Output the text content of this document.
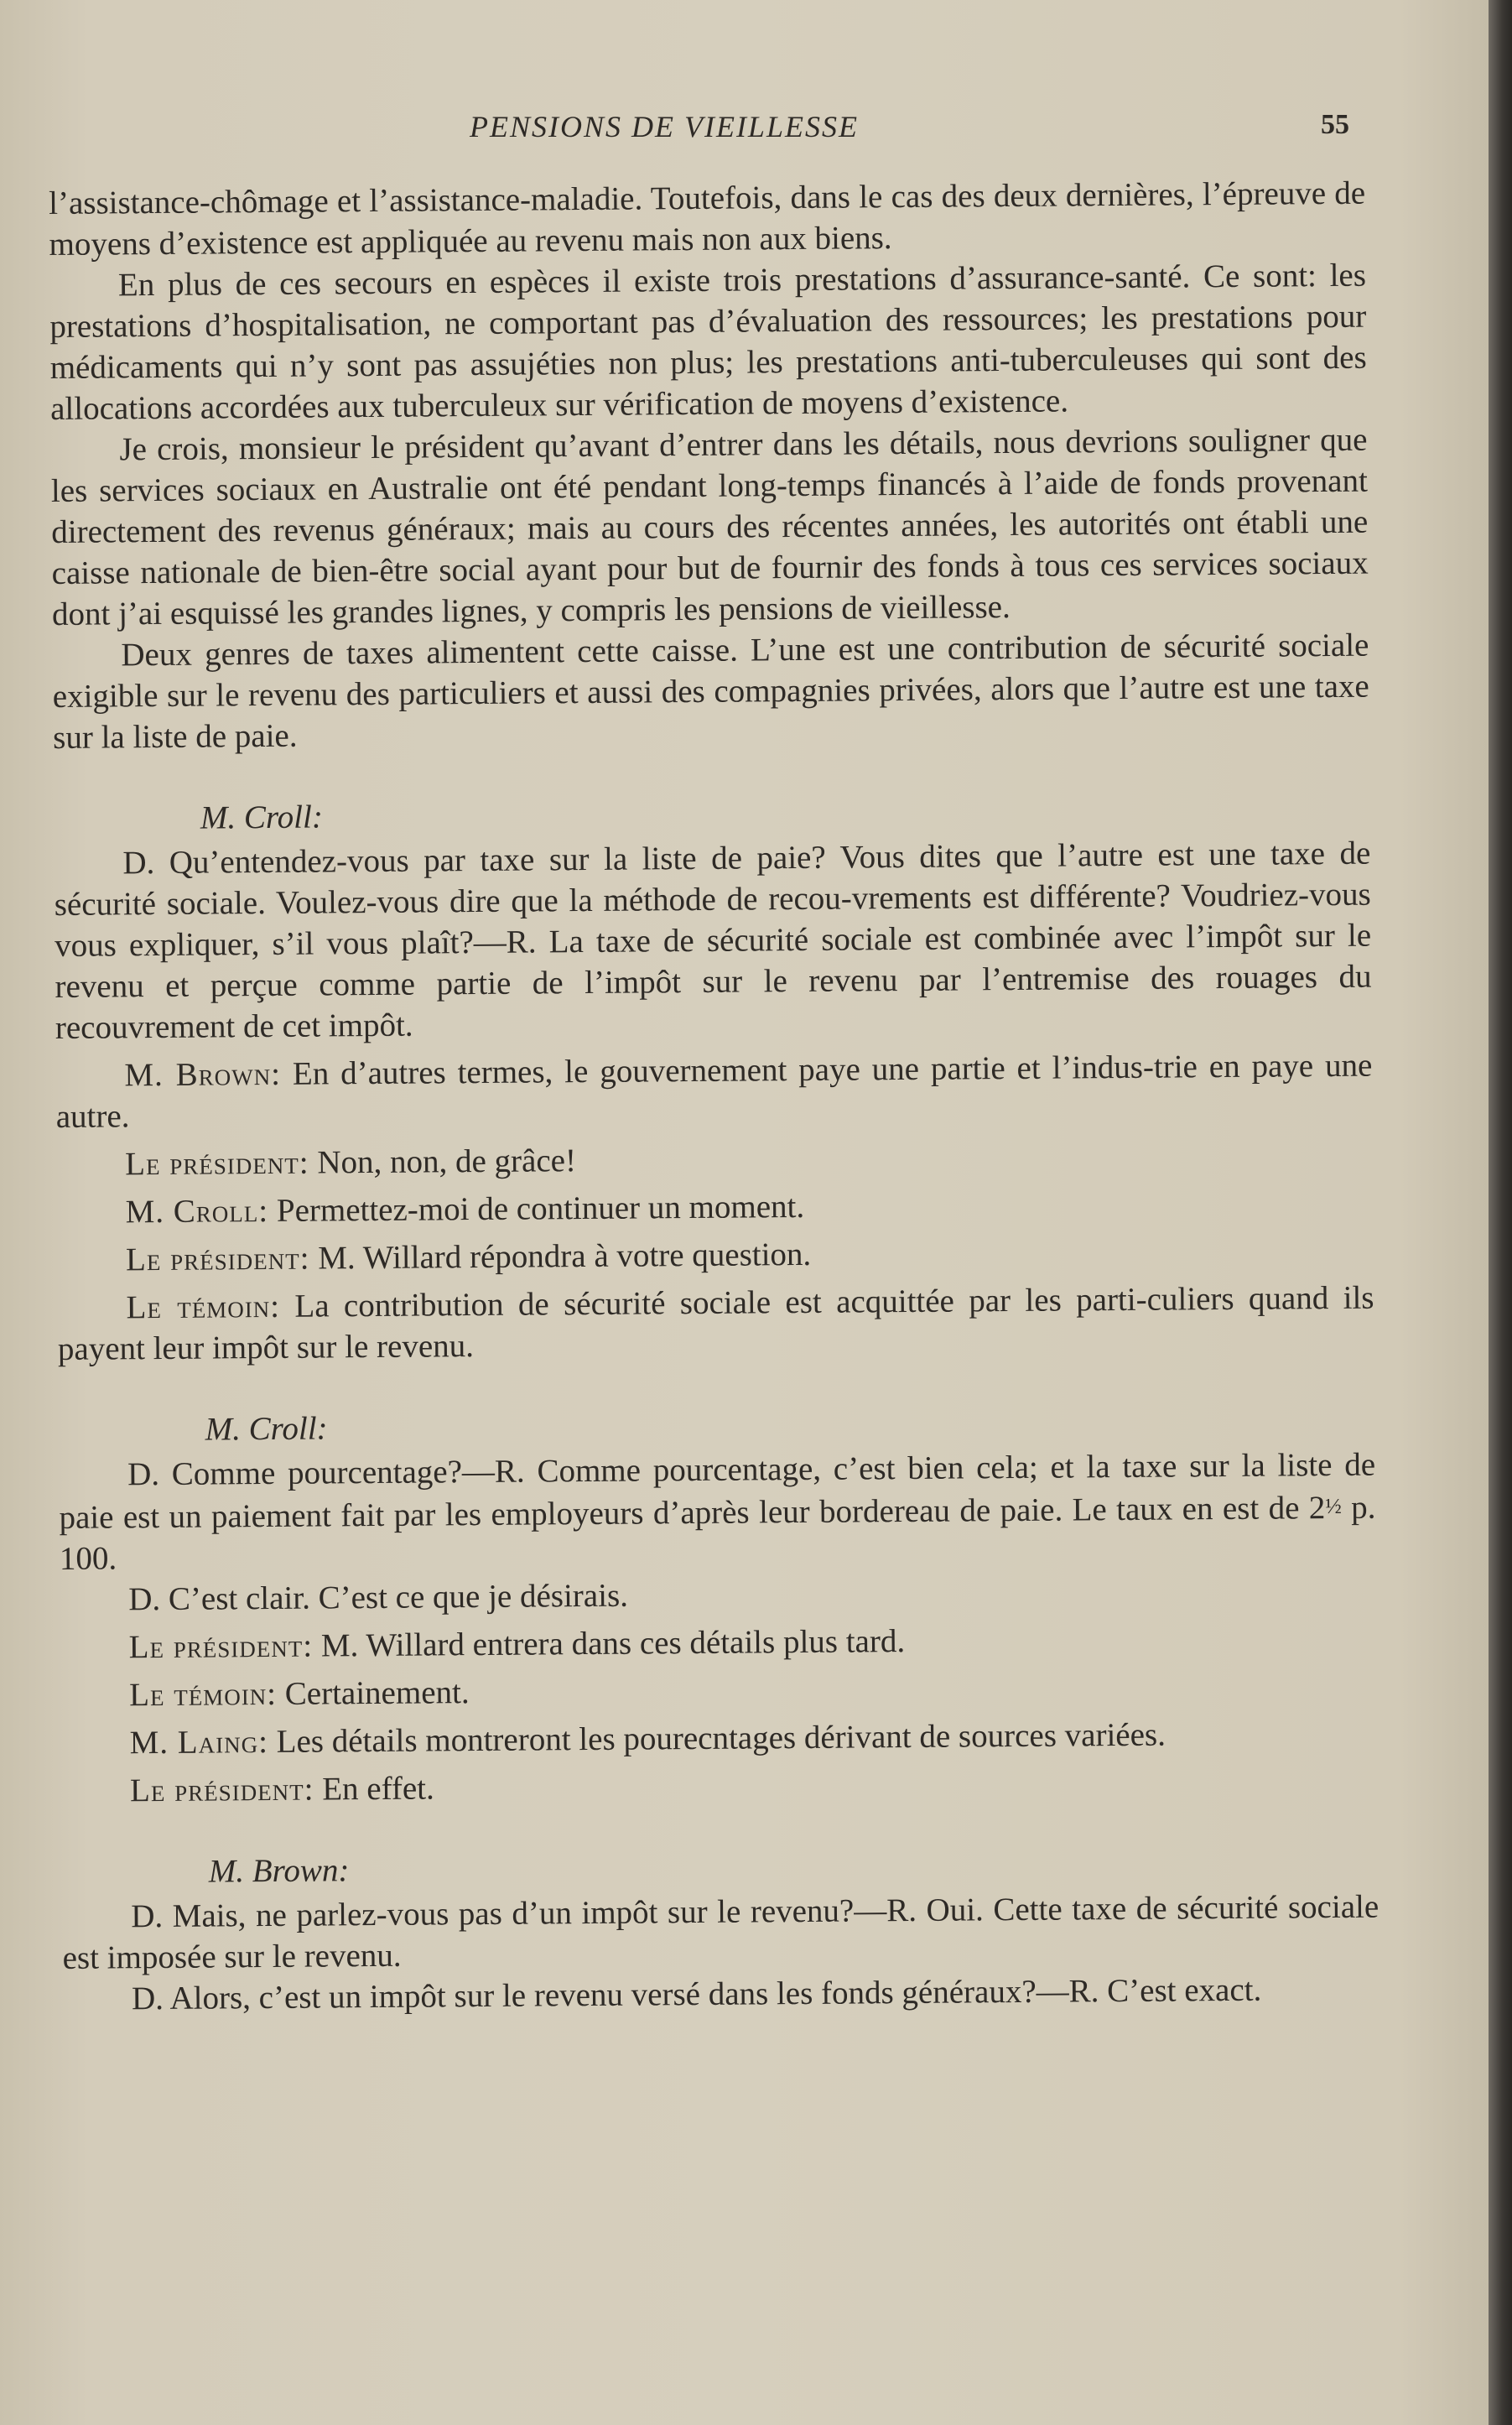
PENSIONS DE VIEILLESSE	55

l’assistance-chômage et l’assistance-maladie. Toutefois, dans le cas des deux dernières, l’épreuve de moyens d’existence est appliquée au revenu mais non aux biens.

En plus de ces secours en espèces il existe trois prestations d’assurance-santé. Ce sont: les prestations d’hospitalisation, ne comportant pas d’évaluation des ressources; les prestations pour médicaments qui n’y sont pas assujéties non plus; les prestations anti-tuberculeuses qui sont des allocations accordées aux tuberculeux sur vérification de moyens d’existence.

Je crois, monsieur le président qu’avant d’entrer dans les détails, nous devrions souligner que les services sociaux en Australie ont été pendant long-temps financés à l’aide de fonds provenant directement des revenus généraux; mais au cours des récentes années, les autorités ont établi une caisse nationale de bien-être social ayant pour but de fournir des fonds à tous ces services sociaux dont j’ai esquissé les grandes lignes, y compris les pensions de vieillesse.

Deux genres de taxes alimentent cette caisse. L’une est une contribution de sécurité sociale exigible sur le revenu des particuliers et aussi des compagnies privées, alors que l’autre est une taxe sur la liste de paie.

M. Croll:

D. Qu’entendez-vous par taxe sur la liste de paie? Vous dites que l’autre est une taxe de sécurité sociale. Voulez-vous dire que la méthode de recou-vrements est différente? Voudriez-vous vous expliquer, s’il vous plaît?—R. La taxe de sécurité sociale est combinée avec l’impôt sur le revenu et perçue comme partie de l’impôt sur le revenu par l’entremise des rouages du recouvrement de cet impôt.

M. Brown: En d’autres termes, le gouvernement paye une partie et l’indus-trie en paye une autre.

Le président: Non, non, de grâce!

M. Croll: Permettez-moi de continuer un moment.

Le président: M. Willard répondra à votre question.

Le témoin: La contribution de sécurité sociale est acquittée par les parti-culiers quand ils payent leur impôt sur le revenu.

M. Croll:

D. Comme pourcentage?—R. Comme pourcentage, c’est bien cela; et la taxe sur la liste de paie est un paiement fait par les employeurs d’après leur bordereau de paie. Le taux en est de 2½ p. 100.

D. C’est clair. C’est ce que je désirais.

Le président: M. Willard entrera dans ces détails plus tard.

Le témoin: Certainement.

M. Laing: Les détails montreront les pourecntages dérivant de sources variées.

Le président: En effet.

M. Brown:

D. Mais, ne parlez-vous pas d’un impôt sur le revenu?—R. Oui. Cette taxe de sécurité sociale est imposée sur le revenu.

D. Alors, c’est un impôt sur le revenu versé dans les fonds généraux?—R. C’est exact.
